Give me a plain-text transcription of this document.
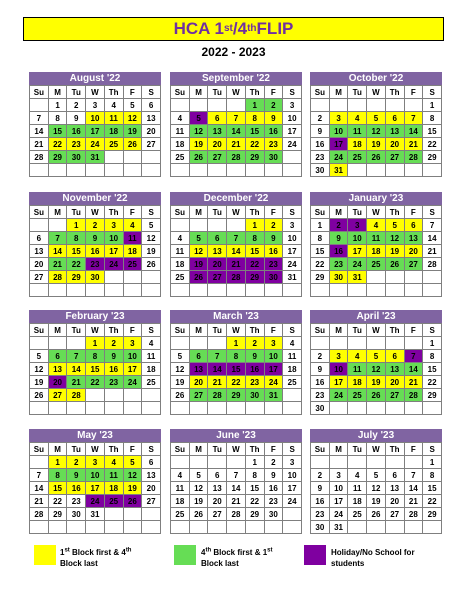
HCA 1 st /4 th FLIP
2022 - 2023
August '22
Su	M	Tu	W	Th	F	S
	1	2	3	4	5	6
7	8	9	10	11	12	13
14	15	16	17	18	19	20
21	22	23	24	25	26	27
28	29	30	31			

September '22
Su	M	Tu	W	Th	F	S
				1	2	3
4	5	6	7	8	9	10
11	12	13	14	15	16	17
18	19	20	21	22	23	24
25	26	27	28	29	30	

October '22
Su	M	Tu	W	Th	F	S
						1
2	3	4	5	6	7	8
9	10	11	12	13	14	15
16	17	18	19	20	21	22
23	24	25	26	27	28	29
30	31					
November '22
Su	M	Tu	W	Th	F	S
		1	2	3	4	5
6	7	8	9	10	11	12
13	14	15	16	17	18	19
20	21	22	23	24	25	26
27	28	29	30			

December '22
Su	M	Tu	W	Th	F	S
				1	2	3
4	5	6	7	8	9	10
11	12	13	14	15	16	17
18	19	20	21	22	23	24
25	26	27	28	29	30	31

January '23
Su	M	Tu	W	Th	F	S
1	2	3	4	5	6	7
8	9	10	11	12	13	14
15	16	17	18	19	20	21
22	23	24	25	26	27	28
29	30	31				

February '23
Su	M	Tu	W	Th	F	S
			1	2	3	4
5	6	7	8	9	10	11
12	13	14	15	16	17	18
19	20	21	22	23	24	25
26	27	28				

March '23
Su	M	Tu	W	Th	F	S
			1	2	3	4
5	6	7	8	9	10	11
12	13	14	15	16	17	18
19	20	21	22	23	24	25
26	27	28	29	30	31	

April '23
Su	M	Tu	W	Th	F	S
						1
2	3	4	5	6	7	8
9	10	11	12	13	14	15
16	17	18	19	20	21	22
23	24	25	26	27	28	29
30						
May '23
Su	M	Tu	W	Th	F	S
	1	2	3	4	5	6
7	8	9	10	11	12	13
14	15	16	17	18	19	20
21	22	23	24	25	26	27
28	29	30	31			

June '23
Su	M	Tu	W	Th	F	S
				1	2	3
4	5	6	7	8	9	10
11	12	13	14	15	16	17
18	19	20	21	22	23	24
25	26	27	28	29	30	

July '23
Su	M	Tu	W	Th	F	S
						1
2	3	4	5	6	7	8
9	10	11	12	13	14	15
16	17	18	19	20	21	22
23	24	25	26	27	28	29
30	31					
1st Block first & 4th
Block last
4th Block first & 1st
Block last
Holiday/No School for
students
